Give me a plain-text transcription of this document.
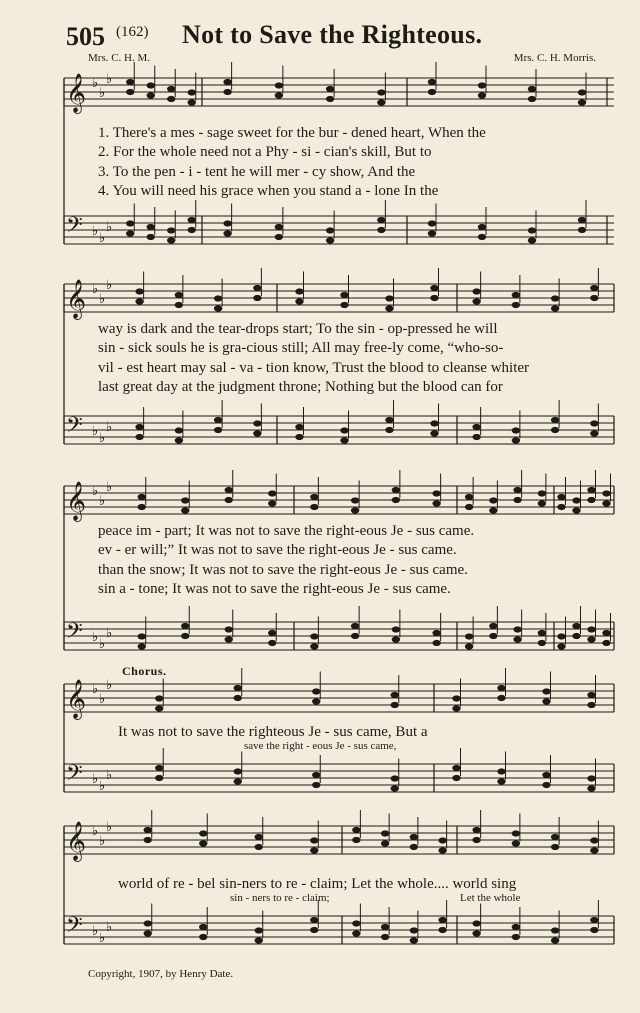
505 (162) Not to Save the Righteous.
Mrs. C. H. M.	Mrs. C. H. Morris.
𝄞 ♭
♭
♭
𝄢 ♭ ♭
♭
1. There's a mes - sage sweet for the bur - dened heart, When the
2. For the whole need not a Phy - si - cian's skill, But to
3. To the pen - i - tent he will mer - cy show, And the
4. You will need his grace when you stand a - lone In the
𝄞 ♭
♭
♭
𝄢 ♭ ♭
♭
way is dark and the tear-drops start; To the sin - op-pressed he will
sin - sick souls he is gra-cious still; All may free-ly come, “who-so-
vil - est heart may sal - va - tion know, Trust the blood to cleanse whiter
last great day at the judgment throne; Nothing but the blood can for
𝄞 ♭
♭
♭
𝄢 ♭ ♭
♭
peace im - part; It was not to save the right-eous Je - sus came.
ev - er will;” It was not to save the right-eous Je - sus came.
than the snow; It was not to save the right-eous Je - sus came.
sin a - tone; It was not to save the right-eous Je - sus came.
Chorus.
𝄞 ♭
♭
♭
𝄢 ♭ ♭
♭
It was not to save the righteous Je - sus came, But a
save the right - eous Je - sus came,
𝄞 ♭
♭
♭
𝄢 ♭ ♭
♭
world of re - bel sin-ners to re - claim; Let the whole.... world sing
sin - ners to re - claim;	Let the whole
Copyright, 1907, by Henry Date.
